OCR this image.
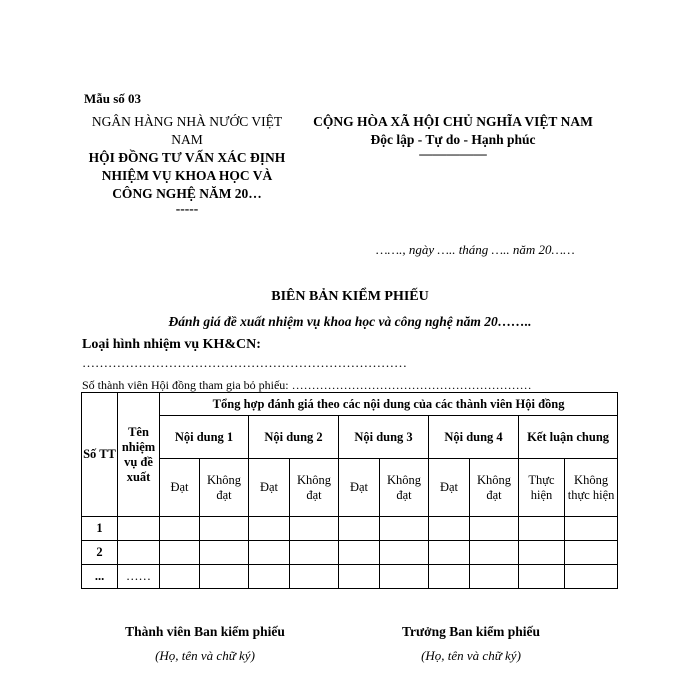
Mẫu số 03
NGÂN HÀNG NHÀ NƯỚC VIỆT NAM
HỘI ĐỒNG TƯ VẤN XÁC ĐỊNH NHIỆM VỤ KHOA HỌC VÀ CÔNG NGHỆ NĂM 20…
-----
CỘNG HÒA XÃ HỘI CHỦ NGHĨA VIỆT NAM
Độc lập - Tự do - Hạnh phúc
—————
……., ngày ….. tháng ….. năm 20……
BIÊN BẢN KIỂM PHIẾU
Đánh giá đề xuất nhiệm vụ khoa học và công nghệ năm 20……..
Loại hình nhiệm vụ KH&CN:
…………………………………………………………………
Số thành viên Hội đồng tham gia bỏ phiếu: ……………………………………………………
Số TT	Tên nhiệm vụ đề xuất	Tổng hợp đánh giá theo các nội dung của các thành viên Hội đồng									
		Nội dung 1		Nội dung 2		Nội dung 3		Nội dung 4		Kết luận chung	
		Đạt	Không đạt	Đạt	Không đạt	Đạt	Không đạt	Đạt	Không đạt	Thực hiện	Không thực hiện
1											
2											
...	……										
Thành viên Ban kiểm phiếu
(Họ, tên và chữ ký)
Trưởng Ban kiểm phiếu
(Họ, tên và chữ ký)
